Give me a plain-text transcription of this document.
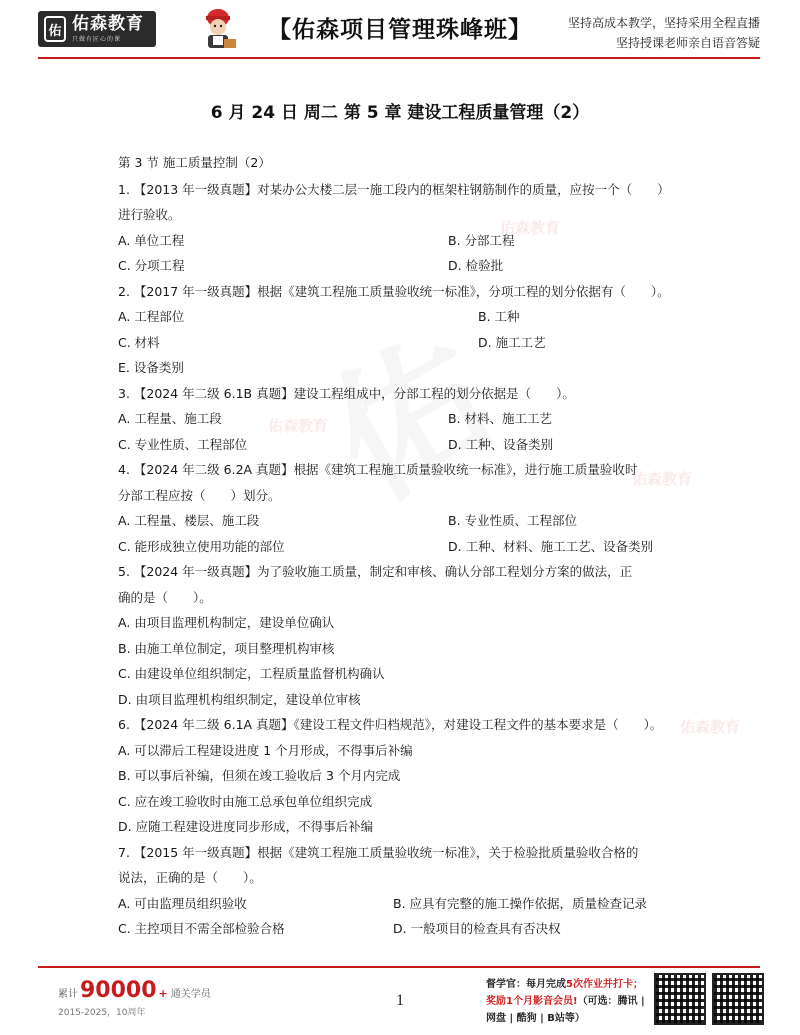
佑 佑森教育
只做有匠心的课	【佑森项目管理珠峰班】	坚持高成本教学，坚持采用全程直播
坚持授课老师亲自语音答疑
佑森教育
佑森教育
佑森教育
佑森教育
6 月 24 日 周二 第 5 章 建设工程质量管理（2）
第 3 节 施工质量控制（2）
1. 【2013 年一级真题】对某办公大楼二层一施工段内的框架柱钢筋制作的质量，应按一个（　　）
进行验收。
A. 单位工程	B. 分部工程
C. 分项工程	D. 检验批
2. 【2017 年一级真题】根据《建筑工程施工质量验收统一标准》，分项工程的划分依据有（　　）。
A. 工程部位	B. 工种
C. 材料	D. 施工工艺
E. 设备类别
3. 【2024 年二级 6.1B 真题】建设工程组成中，分部工程的划分依据是（　　）。
A. 工程量、施工段	B. 材料、施工工艺
C. 专业性质、工程部位	D. 工种、设备类别
4. 【2024 年二级 6.2A 真题】根据《建筑工程施工质量验收统一标准》，进行施工质量验收时
分部工程应按（　　）划分。
A. 工程量、楼层、施工段	B. 专业性质、工程部位
C. 能形成独立使用功能的部位	D. 工种、材料、施工工艺、设备类别
5. 【2024 年一级真题】为了验收施工质量，制定和审核、确认分部工程划分方案的做法，正
确的是（　　）。
A. 由项目监理机构制定，建设单位确认
B. 由施工单位制定，项目整理机构审核
C. 由建设单位组织制定，工程质量监督机构确认
D. 由项目监理机构组织制定，建设单位审核
6. 【2024 年二级 6.1A 真题】《建设工程文件归档规范》，对建设工程文件的基本要求是（　　）。
A. 可以滞后工程建设进度 1 个月形成，不得事后补编
B. 可以事后补编，但须在竣工验收后 3 个月内完成
C. 应在竣工验收时由施工总承包单位组织完成
D. 应随工程建设进度同步形成，不得事后补编
7. 【2015 年一级真题】根据《建筑工程施工质量验收统一标准》，关于检验批质量验收合格的
说法，正确的是（　　）。
A. 可由监理员组织验收	B. 应具有完整的施工操作依据，质量检查记录
C. 主控项目不需全部检验合格	D. 一般项目的检查具有否决权
累计 90000 + 通关学员
2015-2025，10周年
1
督学官：每月完成5次作业并打卡；
奖励1个月影音会员!（可选：腾讯 |
网盘 | 酷狗 | B站等）
